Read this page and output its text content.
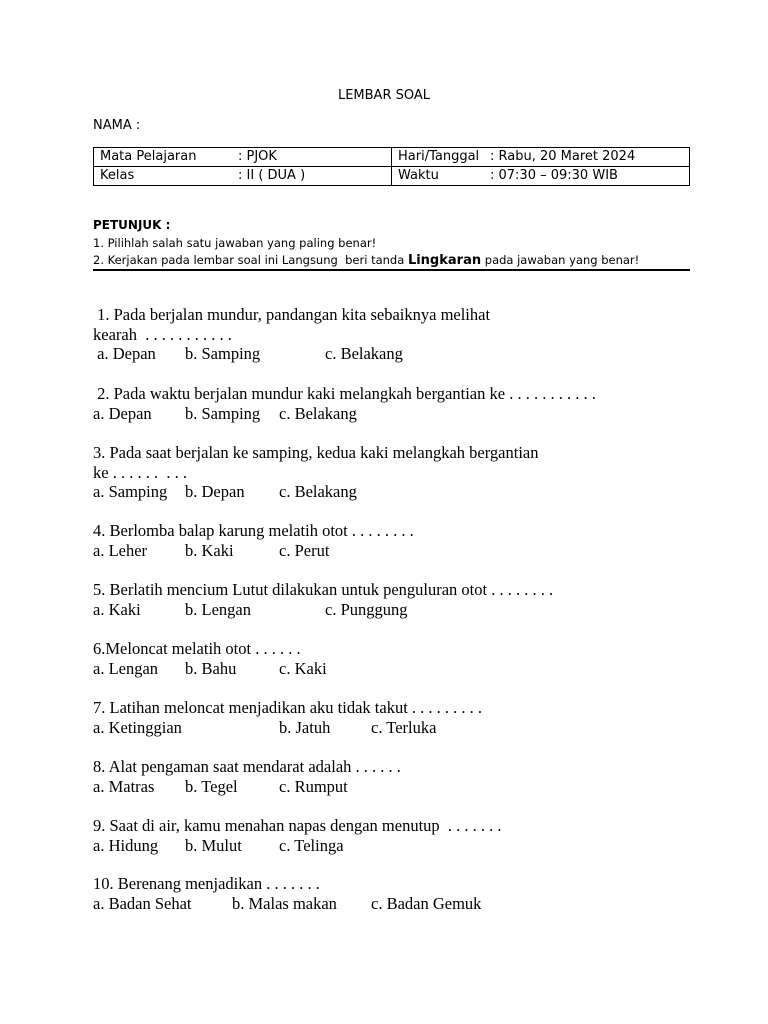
LEMBAR SOAL
NAMA :
Mata Pelajaran : PJOK	Hari/Tanggal : Rabu, 20 Maret 2024
Kelas : II ( DUA )	Waktu : 07:30 – 09:30 WIB
PETUNJUK :
1. Pilihlah salah satu jawaban yang paling benar!
2. Kerjakan pada lembar soal ini Langsung  beri tanda Lingkaran pada jawaban yang benar!
1. Pada berjalan mundur, pandangan kita sebaiknya melihat
kearah  . . . . . . . . . . .
a. Depan b. Samping	c. Belakang
2. Pada waktu berjalan mundur kaki melangkah bergantian ke . . . . . . . . . . .
a. Depan b. Samping c. Belakang
3. Pada saat berjalan ke samping, kedua kaki melangkah bergantian
ke . . . . . .  . . .
a. Samping b. Depan c. Belakang
4. Berlomba balap karung melatih otot . . . . . . . .
a. Leher b. Kaki	c. Perut
5. Berlatih mencium Lutut dilakukan untuk penguluran otot . . . . . . . .
a. Kaki	b. Lengan	c. Punggung
6.Meloncat melatih otot . . . . . .
a. Lengan b. Bahu	c. Kaki
7. Latihan meloncat menjadikan aku tidak takut . . . . . . . . .
a. Ketinggian	b. Jatuh c. Terluka
8. Alat pengaman saat mendarat adalah . . . . . .
a. Matras b. Tegel	c. Rumput
9. Saat di air, kamu menahan napas dengan menutup  . . . . . . .
a. Hidung b. Mulut c. Telinga
10. Berenang menjadikan . . . . . . .
a. Badan Sehat b. Malas makan c. Badan Gemuk
